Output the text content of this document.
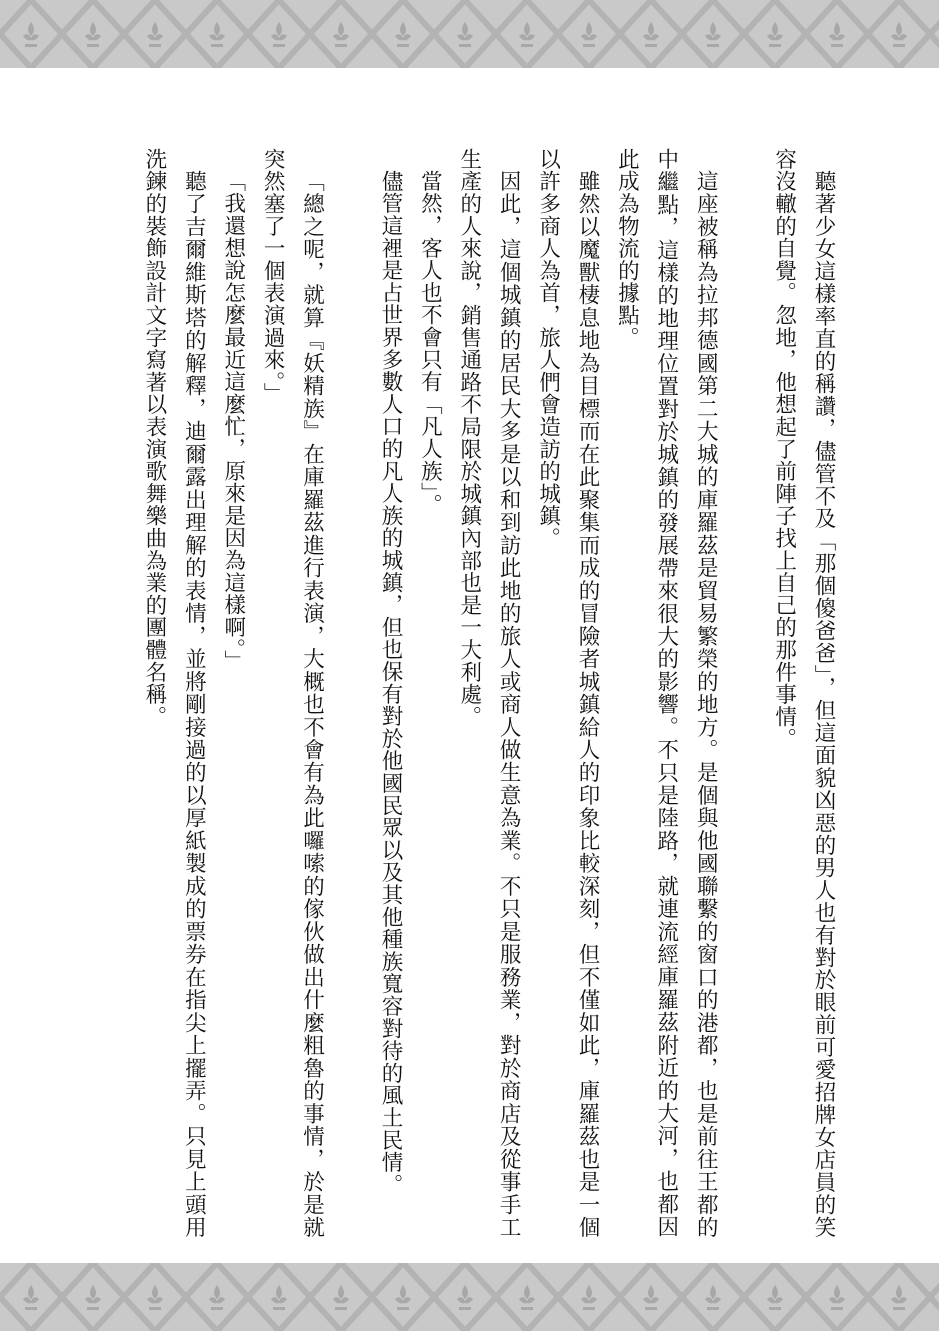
聽著少女這樣率直的稱讚，儘管不及「那個傻爸爸」，但這面貌凶惡的男人也有對於眼前可愛招牌女店員的笑容沒轍的自覺。忽地，他想起了前陣子找上自己的那件事情。

這座被稱為拉邦德國第二大城的庫羅茲是貿易繁榮的地方。是個與他國聯繫的窗口的港都，也是前往王都的中繼點，這樣的地理位置對於城鎮的發展帶來很大的影響。不只是陸路，就連流經庫羅茲附近的大河，也都因此成為物流的據點。

雖然以魔獸棲息地為目標而在此聚集而成的冒險者城鎮給人的印象比較深刻，但不僅如此，庫羅茲也是一個以許多商人為首，旅人們會造訪的城鎮。

因此，這個城鎮的居民大多是以和到訪此地的旅人或商人做生意為業。不只是服務業，對於商店及從事手工生產的人來說，銷售通路不局限於城鎮內部也是一大利處。

當然，客人也不會只有「凡人族」。

儘管這裡是占世界多數人口的凡人族的城鎮，但也保有對於他國民眾以及其他種族寬容對待的風土民情。

「總之呢，就算『妖精族』在庫羅茲進行表演，大概也不會有為此囉嗦的傢伙做出什麼粗魯的事情，於是就突然塞了一個表演過來。」

「我還想說怎麼最近這麼忙，原來是因為這樣啊。」

聽了吉爾維斯塔的解釋，迪爾露出理解的表情，並將剛接過的以厚紙製成的票券在指尖上擺弄。只見上頭用洗鍊的裝飾設計文字寫著以表演歌舞樂曲為業的團體名稱。
